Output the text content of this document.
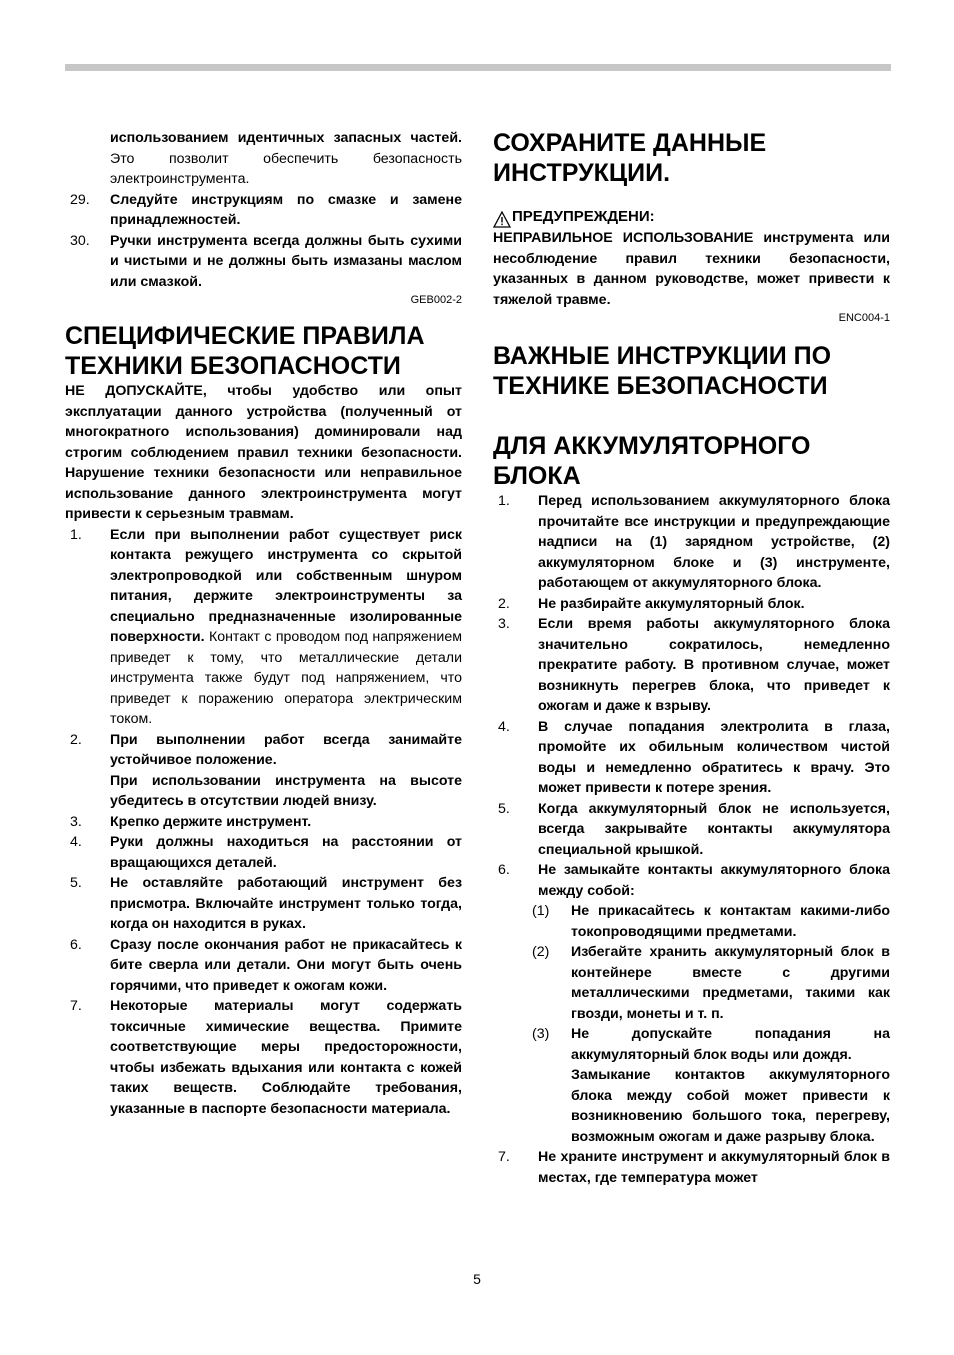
использованием идентичных запасных частей. Это позволит обеспечить безопасность электроинструмента.

29. Следуйте инструкциям по смазке и замене принадлежностей.
30. Ручки инструмента всегда должны быть сухими и чистыми и не должны быть измазаны маслом или смазкой.

GEB002-2

СПЕЦИФИЧЕСКИЕ ПРАВИЛА ТЕХНИКИ БЕЗОПАСНОСТИ

НЕ ДОПУСКАЙТЕ, чтобы удобство или опыт эксплуатации данного устройства (полученный от многократного использования) доминировали над строгим соблюдением правил техники безопасности. Нарушение техники безопасности или неправильное использование данного электроинструмента могут привести к серьезным травмам.

1. Если при выполнении работ существует риск контакта режущего инструмента со скрытой электропроводкой или собственным шнуром питания, держите электроинструменты за специально предназначенные изолированные поверхности. Контакт с проводом под напряжением приведет к тому, что металлические детали инструмента также будут под напряжением, что приведет к поражению оператора электрическим током.
2. При выполнении работ всегда занимайте устойчивое положение.

При использовании инструмента на высоте убедитесь в отсутствии людей внизу.

3. Крепко держите инструмент.
4. Руки должны находиться на расстоянии от вращающихся деталей.
5. Не оставляйте работающий инструмент без присмотра. Включайте инструмент только тогда, когда он находится в руках.
6. Сразу после окончания работ не прикасайтесь к бите сверла или детали. Они могут быть очень горячими, что приведет к ожогам кожи.
7. Некоторые материалы могут содержать токсичные химические вещества. Примите соответствующие меры предосторожности, чтобы избежать вдыхания или контакта с кожей таких веществ. Соблюдайте требования, указанные в паспорте безопасности материала.
СОХРАНИТЕ ДАННЫЕ ИНСТРУКЦИИ.
ПРЕДУПРЕЖДЕНИ:

НЕПРАВИЛЬНОЕ ИСПОЛЬЗОВАНИЕ инструмента или несоблюдение правил техники безопасности, указанных в данном руководстве, может привести к тяжелой травме.

ENC004-1

ВАЖНЫЕ ИНСТРУКЦИИ ПО ТЕХНИКЕ БЕЗОПАСНОСТИ
ДЛЯ АККУМУЛЯТОРНОГО БЛОКА
1. Перед использованием аккумуляторного блока прочитайте все инструкции и предупреждающие надписи на (1) зарядном устройстве, (2) аккумуляторном блоке и (3) инструменте, работающем от аккумуляторного блока.
2. Не разбирайте аккумуляторный блок.
3. Если время работы аккумуляторного блока значительно сократилось, немедленно прекратите работу. В противном случае, может возникнуть перегрев блока, что приведет к ожогам и даже к взрыву.
4. В случае попадания электролита в глаза, промойте их обильным количеством чистой воды и немедленно обратитесь к врачу. Это может привести к потере зрения.
5. Когда аккумуляторный блок не используется, всегда закрывайте контакты аккумулятора специальной крышкой.
6. Не замыкайте контакты аккумуляторного блока между собой:
(1) Не прикасайтесь к контактам какими-либо токопроводящими предметами.
(2) Избегайте хранить аккумуляторный блок в контейнере вместе с другими металлическими предметами, такими как гвозди, монеты и т. п.
(3) Не допускайте попадания на аккумуляторный блок воды или дождя.
Замыкание контактов аккумуляторного блока между собой может привести к возникновению большого тока, перегреву, возможным ожогам и даже разрыву блока.
7. Не храните инструмент и аккумуляторный блок в местах, где температура может
5
